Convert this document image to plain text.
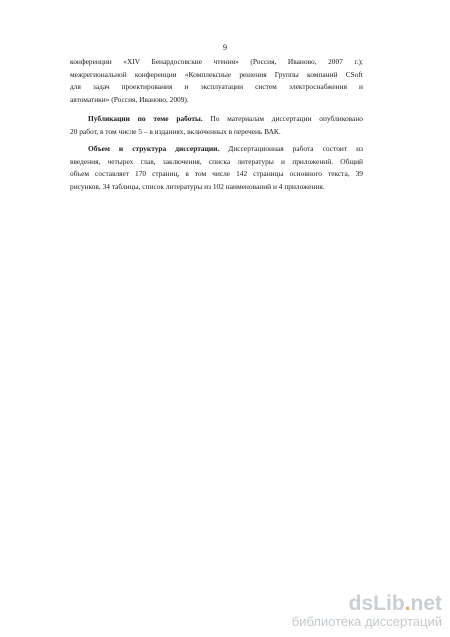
9
конференции «XIV Бенардосовские чтения» (Россия, Иваново, 2007 г.);
межрегиональной конференции «Комплексные решения Группы компаний CSoft
для задач проектирования и эксплуатации систем электроснабжения и
автоматики» (Россия, Иваново, 2009).
Публикации по теме работы. По материалам диссертации опубликовано
20 работ, в том числе 5 – в изданиях, включенных в перечень ВАК.
Объем и структура диссертации. Диссертационная работа состоит из
введения, четырех глав, заключения, списка литературы и приложений. Общий
объем составляет 170 страниц, в том числе 142 страницы основного текста, 39
рисунков, 34 таблицы, список литературы из 102 наименований и 4 приложения.
dsLib.net
библиотека диссертаций
